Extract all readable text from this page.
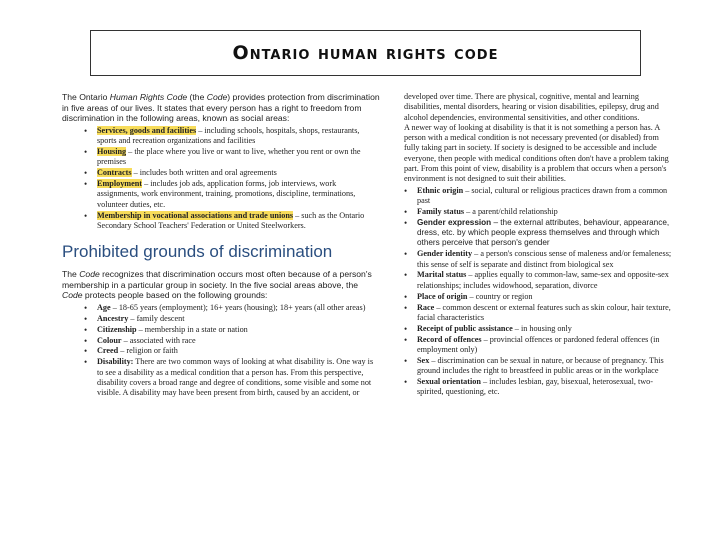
Ontario human rights code

The Ontario Human Rights Code (the Code) provides protection from discrimination in five areas of our lives. It states that every person has a right to freedom from discrimination in the following areas, known as social areas:

• Services, goods and facilities – including schools, hospitals, shops, restaurants, sports and recreation organizations and facilities
• Housing – the place where you live or want to live, whether you rent or own the premises
• Contracts – includes both written and oral agreements
• Employment – includes job ads, application forms, job interviews, work assignments, work environment, training, promotions, discipline, terminations, volunteer duties, etc.
• Membership in vocational associations and trade unions – such as the Ontario Secondary School Teachers' Federation or United Steelworkers.
Prohibited grounds of discrimination

The Code recognizes that discrimination occurs most often because of a person's membership in a particular group in society. In the five social areas above, the Code protects people based on the following grounds:

• Age – 18-65 years (employment); 16+ years (housing); 18+ years (all other areas)
• Ancestry – family descent
• Citizenship – membership in a state or nation
• Colour – associated with race
• Creed – religion or faith
• Disability: There are two common ways of looking at what disability is. One way is to see a disability as a medical condition that a person has. From this perspective, disability covers a broad range and degree of conditions, some visible and some not visible. A disability may have been present from birth, caused by an accident, or

developed over time. There are physical, cognitive, mental and learning disabilities, mental disorders, hearing or vision disabilities, epilepsy, drug and alcohol dependencies, environmental sensitivities, and other conditions.

A newer way of looking at disability is that it is not something a person has. A person with a medical condition is not necessary prevented (or disabled) from fully taking part in society. If society is designed to be accessible and include everyone, then people with medical conditions often don't have a problem taking part. From this point of view, disability is a problem that occurs when a person's environment is not designed to suit their abilities.

• Ethnic origin – social, cultural or religious practices drawn from a common past
• Family status – a parent/child relationship
• Gender expression – the external attributes, behaviour, appearance, dress, etc. by which people express themselves and through which others perceive that person's gender
• Gender identity – a person's conscious sense of maleness and/or femaleness; this sense of self is separate and distinct from biological sex
• Marital status – applies equally to common-law, same-sex and opposite-sex relationships; includes widowhood, separation, divorce
• Place of origin – country or region
• Race – common descent or external features such as skin colour, hair texture, facial characteristics
• Receipt of public assistance – in housing only
• Record of offences – provincial offences or pardoned federal offences (in employment only)
• Sex – discrimination can be sexual in nature, or because of pregnancy. This ground includes the right to breastfeed in public areas or in the workplace
• Sexual orientation – includes lesbian, gay, bisexual, heterosexual, two-spirited, questioning, etc.
